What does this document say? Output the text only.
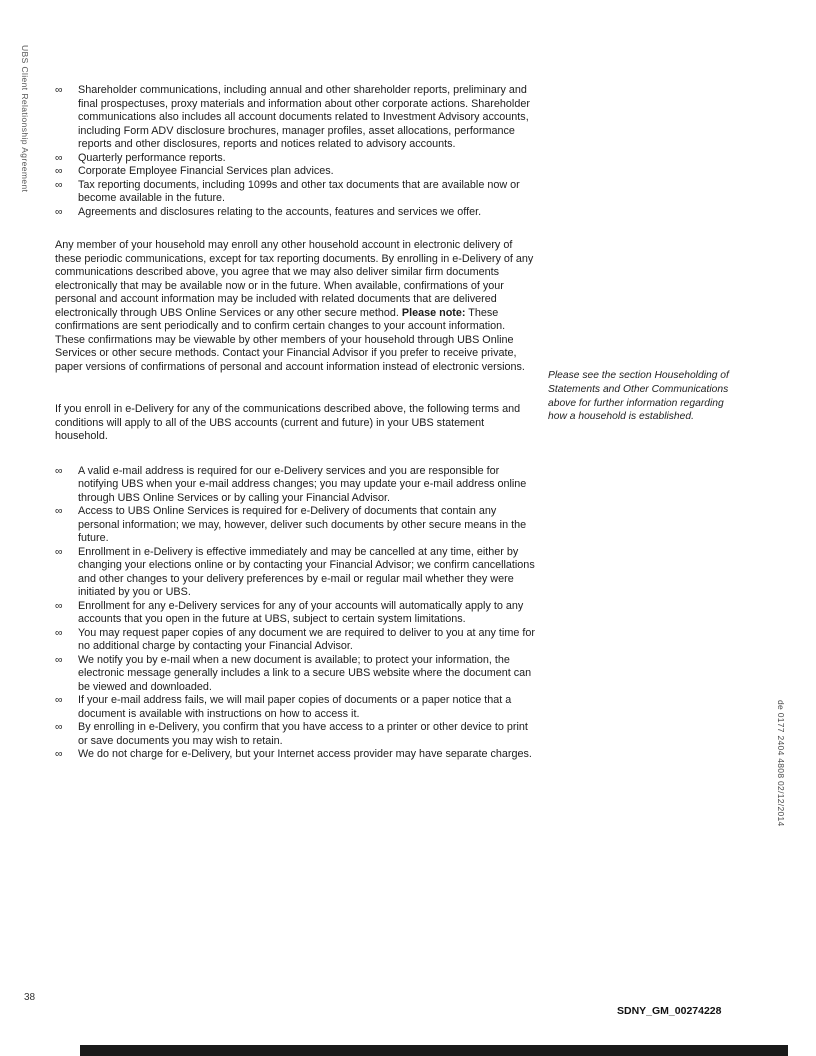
UBS Client Relationship Agreement ∞	Shareholder communications, including annual and other shareholder reports, preliminary and final prospectuses, proxy materials and information about other corporate actions. Shareholder communications also includes all account documents related to Investment Advisory accounts, including Form ADV disclosure brochures, manager profiles, asset allocations, performance reports and other disclosures, reports and notices related to advisory accounts.
∞	Quarterly performance reports.
∞	Corporate Employee Financial Services plan advices.
∞	Tax reporting documents, including 1099s and other tax documents that are available now or become available in the future.
∞	Agreements and disclosures relating to the accounts, features and services we offer.
Any member of your household may enroll any other household account in electronic delivery of these periodic communications, except for tax reporting documents. By enrolling in e-Delivery of any communications described above, you agree that we may also deliver similar firm documents electronically that may be available now or in the future. When available, confirmations of your personal and account information may be included with related documents that are delivered electronically through UBS Online Services or any other secure method. Please note: These confirmations are sent periodically and to confirm certain changes to your account information. These confirmations may be viewable by other members of your household through UBS Online Services or other secure methods. Contact your Financial Advisor if you prefer to receive private, paper versions of confirmations of personal and account information instead of electronic versions.
If you enroll in e-Delivery for any of the communications described above, the following terms and conditions will apply to all of the UBS accounts (current and future) in your UBS statement household.
∞	A valid e-mail address is required for our e-Delivery services and you are responsible for notifying UBS when your e-mail address changes; you may update your e-mail address online through UBS Online Services or by calling your Financial Advisor.
∞	Access to UBS Online Services is required for e-Delivery of documents that contain any personal information; we may, however, deliver such documents by other secure means in the future.
∞	Enrollment in e-Delivery is effective immediately and may be cancelled at any time, either by changing your elections online or by contacting your Financial Advisor; we confirm cancellations and other changes to your delivery preferences by e-mail or regular mail whether they were initiated by you or UBS.
∞	Enrollment for any e-Delivery services for any of your accounts will automatically apply to any accounts that you open in the future at UBS, subject to certain system limitations.
∞	You may request paper copies of any document we are required to deliver to you at any time for no additional charge by contacting your Financial Advisor.
∞	We notify you by e-mail when a new document is available; to protect your information, the electronic message generally includes a link to a secure UBS website where the document can be viewed and downloaded.
∞	If your e-mail address fails, we will mail paper copies of documents or a paper notice that a document is available with instructions on how to access it.
∞	By enrolling in e-Delivery, you confirm that you have access to a printer or other device to print or save documents you may wish to retain.
∞	We do not charge for e-Delivery, but your Internet access provider may have separate charges.
Please see the section Householding of Statements and Other Communications above for further information regarding how a household is established.
de 0177 2404 4808 02/12/2014
38
SDNY_GM_00274228
